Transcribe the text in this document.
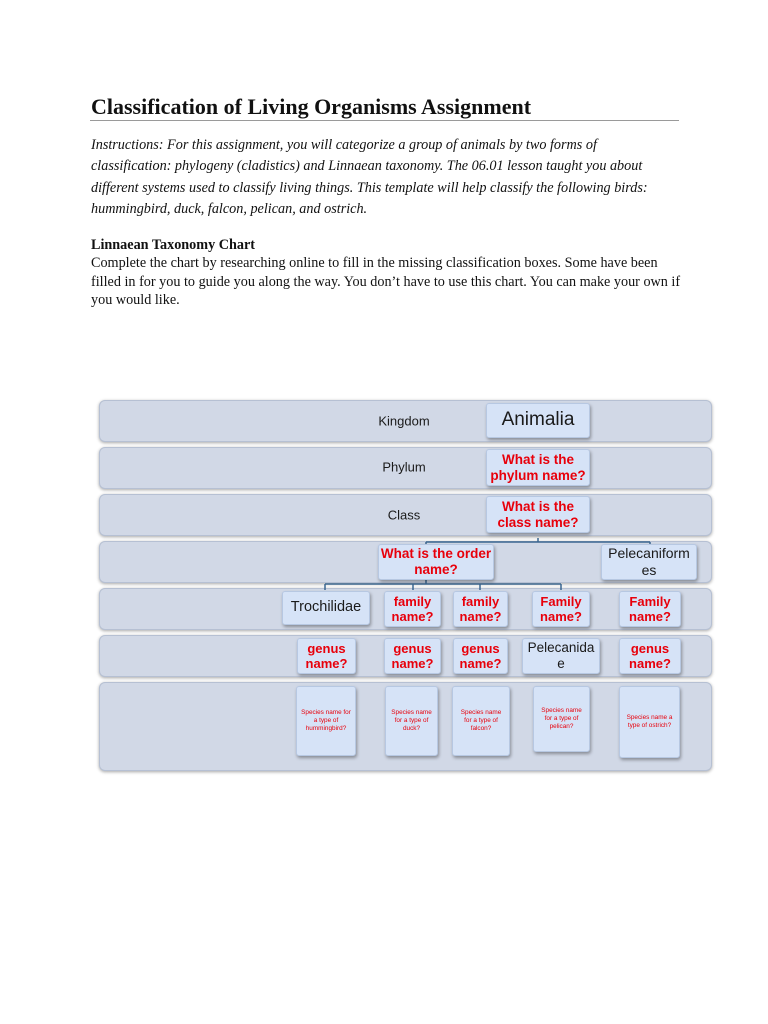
Classification of Living Organisms Assignment

Instructions: For this assignment, you will categorize a group of animals by two forms of classification: phylogeny (cladistics) and Linnaean taxonomy. The 06.01 lesson taught you about different systems used to classify living things. This template will help classify the following birds: hummingbird, duck, falcon, pelican, and ostrich.

Linnaean Taxonomy Chart

Complete the chart by researching online to fill in the missing classification boxes. Some have been filled in for you to guide you along the way. You don’t have to use this chart. You can make your own if you would like.

Kingdom
Phylum
Class
Animalia
What is the phylum name?
What is the class name?
What is the order name?
Pelecaniformes
Trochilidae	family name?
family name?
Family name?
Family name?
genus name?
genus name?
genus name?
Pelecanidae
genus name?
Species name for a type of hummingbird?
Species name for a type of duck?
Species name for a type of falcon?
Species name for a type of pelican?
Species name a type of ostrich?
